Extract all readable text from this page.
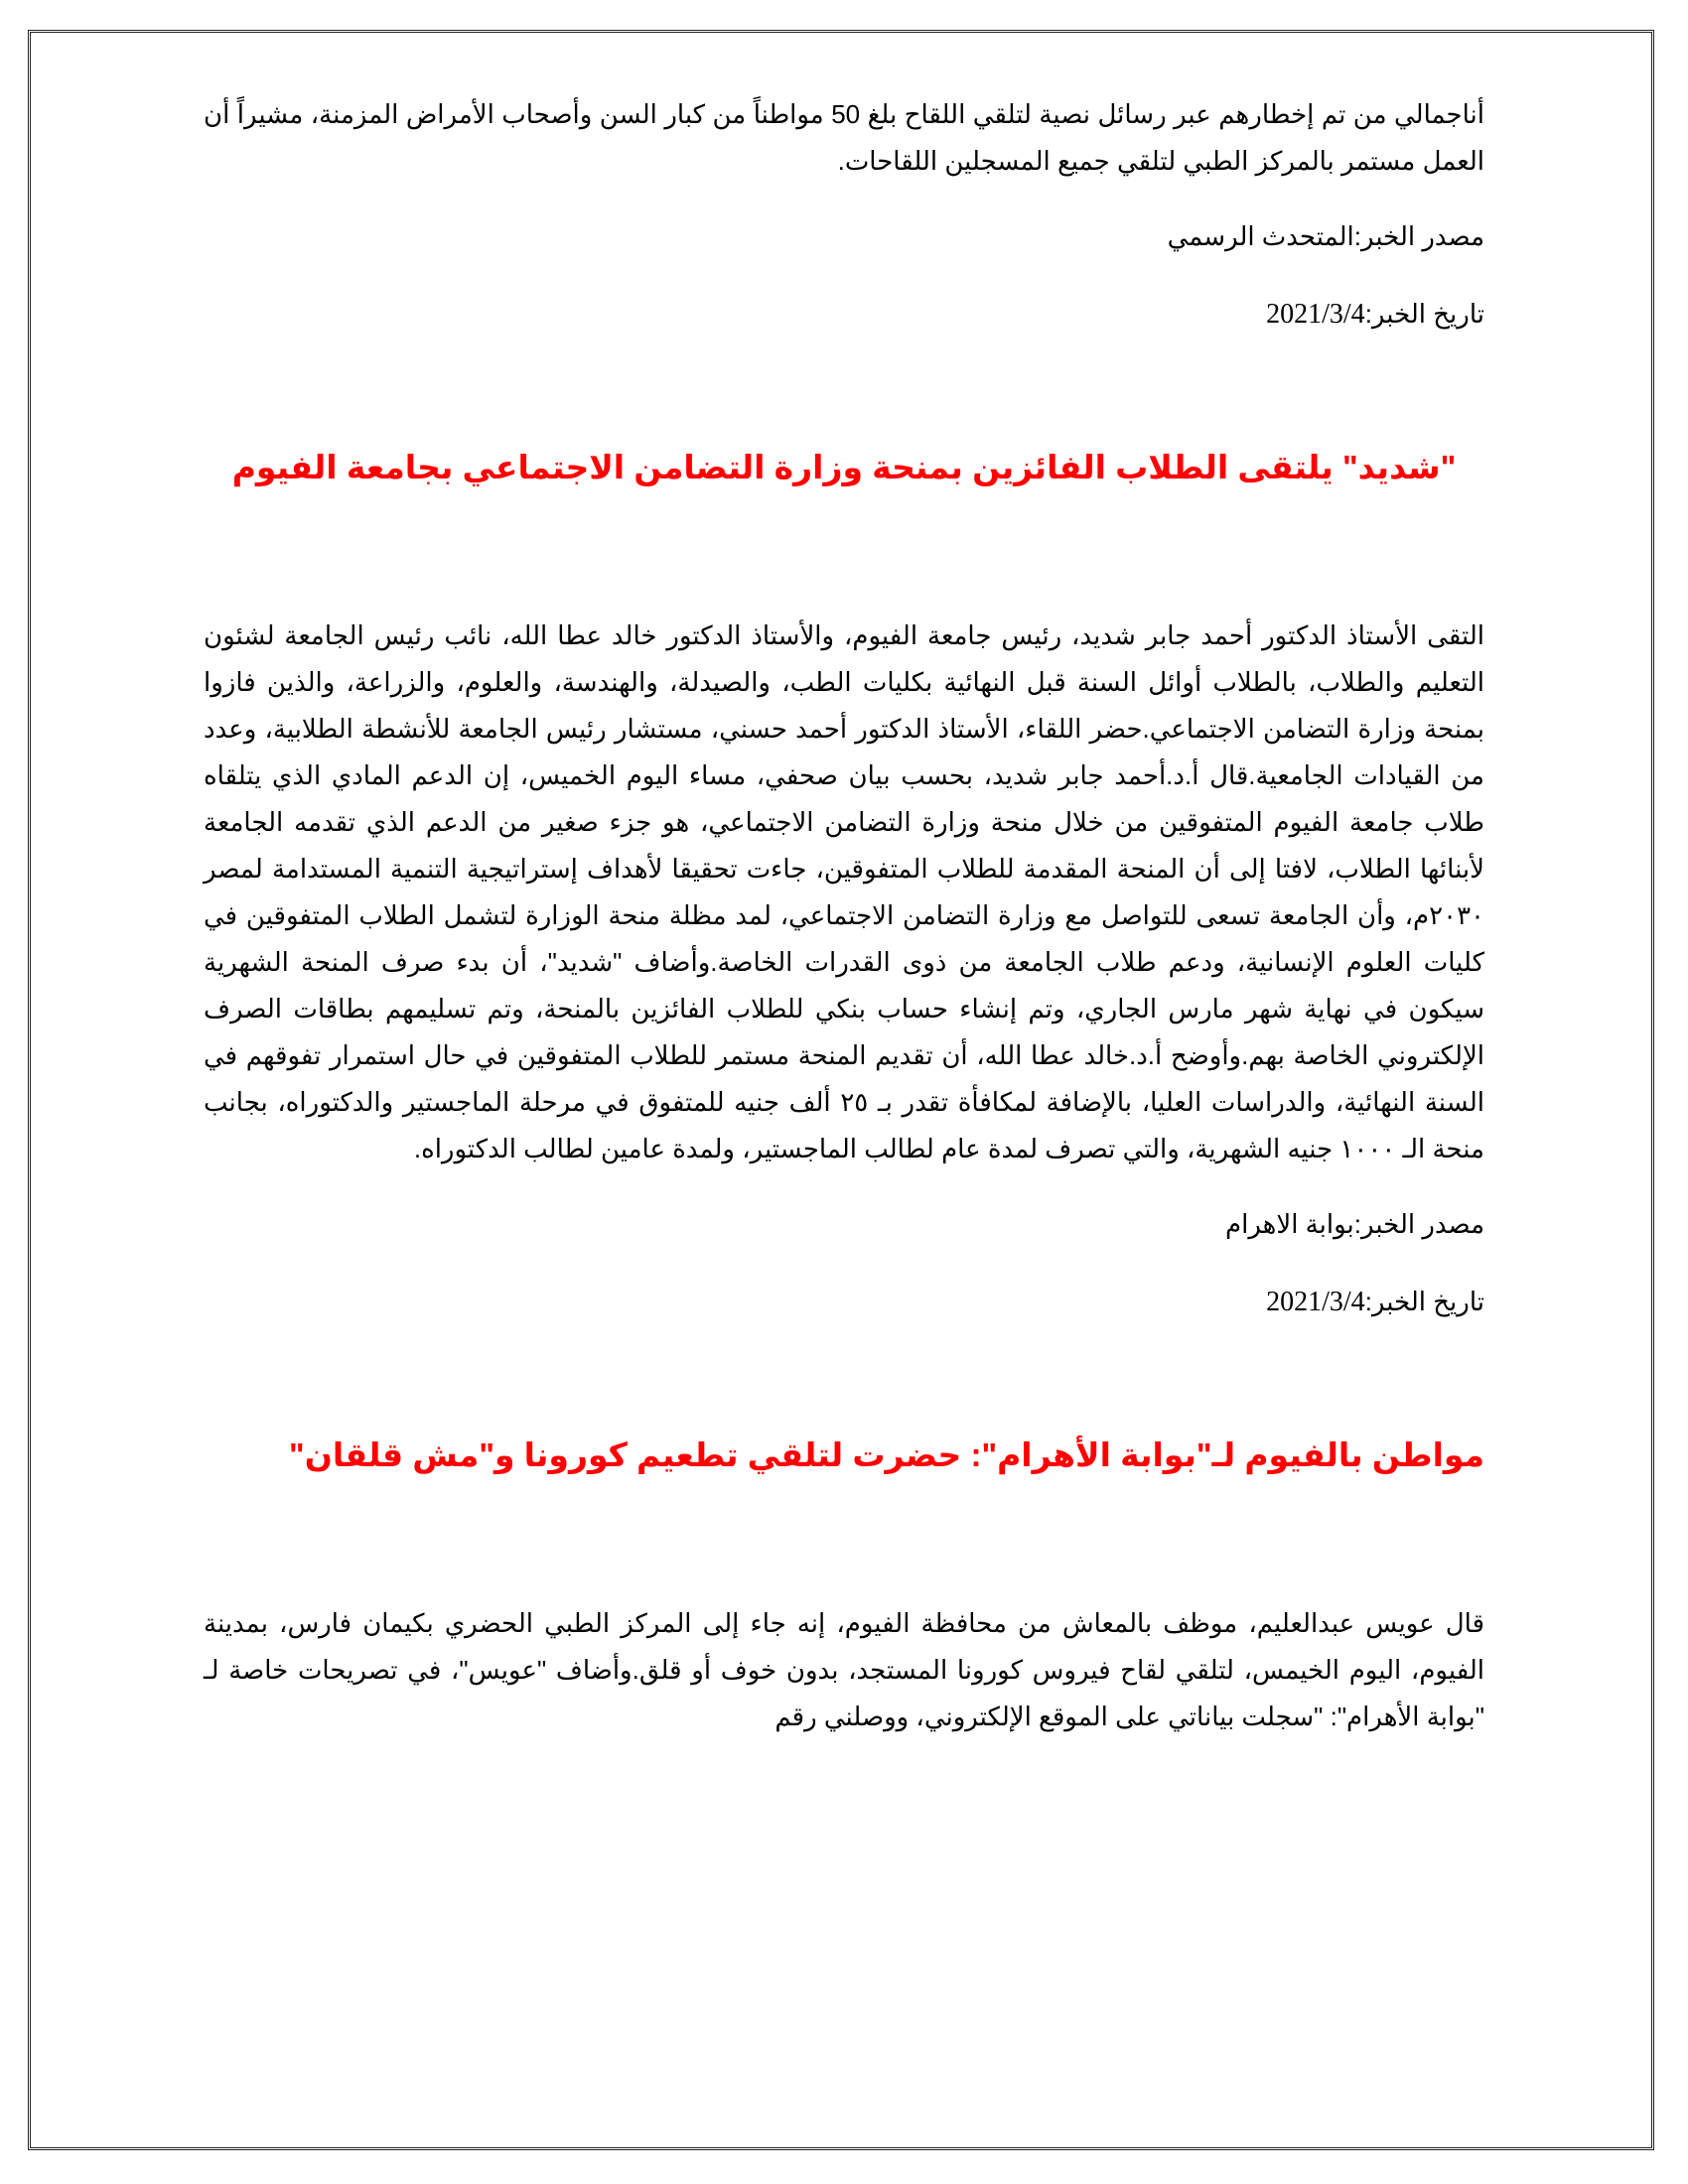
أناجمالي من تم إخطارهم عبر رسائل نصية لتلقي اللقاح بلغ 50 مواطناً من كبار السن وأصحاب الأمراض المزمنة، مشيراً أن العمل مستمر بالمركز الطبي لتلقي جميع المسجلين اللقاحات.

مصدر الخبر:المتحدث الرسمي

تاريخ الخبر:2021/3/4

"شديد" يلتقى الطلاب الفائزين بمنحة وزارة التضامن الاجتماعي بجامعة الفيوم

التقى الأستاذ الدكتور أحمد جابر شديد، رئيس جامعة الفيوم، والأستاذ الدكتور خالد عطا الله، نائب رئيس الجامعة لشئون التعليم والطلاب، بالطلاب أوائل السنة قبل النهائية بكليات الطب، والصيدلة، والهندسة، والعلوم، والزراعة، والذين فازوا بمنحة وزارة التضامن الاجتماعي.حضر اللقاء، الأستاذ الدكتور أحمد حسني، مستشار رئيس الجامعة للأنشطة الطلابية، وعدد من القيادات الجامعية.قال أ.د.أحمد جابر شديد، بحسب بيان صحفي، مساء اليوم الخميس، إن الدعم المادي الذي يتلقاه طلاب جامعة الفيوم المتفوقين من خلال منحة وزارة التضامن الاجتماعي، هو جزء صغير من الدعم الذي تقدمه الجامعة لأبنائها الطلاب، لافتا إلى أن المنحة المقدمة للطلاب المتفوقين، جاءت تحقيقا لأهداف إستراتيجية التنمية المستدامة لمصر ٢٠٣٠م، وأن الجامعة تسعى للتواصل مع وزارة التضامن الاجتماعي، لمد مظلة منحة الوزارة لتشمل الطلاب المتفوقين في كليات العلوم الإنسانية، ودعم طلاب الجامعة من ذوى القدرات الخاصة.وأضاف "شديد"، أن بدء صرف المنحة الشهرية سيكون في نهاية شهر مارس الجاري، وتم إنشاء حساب بنكي للطلاب الفائزين بالمنحة، وتم تسليمهم بطاقات الصرف الإلكتروني الخاصة بهم.وأوضح أ.د.خالد عطا الله، أن تقديم المنحة مستمر للطلاب المتفوقين في حال استمرار تفوقهم في السنة النهائية، والدراسات العليا، بالإضافة لمكافأة تقدر بـ ٢٥ ألف جنيه للمتفوق في مرحلة الماجستير والدكتوراه، بجانب منحة الـ ١٠٠٠ جنيه الشهرية، والتي تصرف لمدة عام لطالب الماجستير، ولمدة عامين لطالب الدكتوراه.

مصدر الخبر:بوابة الاهرام

تاريخ الخبر:2021/3/4

مواطن بالفيوم لـ"بوابة الأهرام": حضرت لتلقي تطعيم كورونا و"مش قلقان"

قال عويس عبدالعليم، موظف بالمعاش من محافظة الفيوم، إنه جاء إلى المركز الطبي الحضري بكيمان فارس، بمدينة الفيوم، اليوم الخيمس، لتلقي لقاح فيروس كورونا المستجد، بدون خوف أو قلق.وأضاف "عويس"، في تصريحات خاصة لـ "بوابة الأهرام": "سجلت بياناتي على الموقع الإلكتروني، ووصلني رقم
